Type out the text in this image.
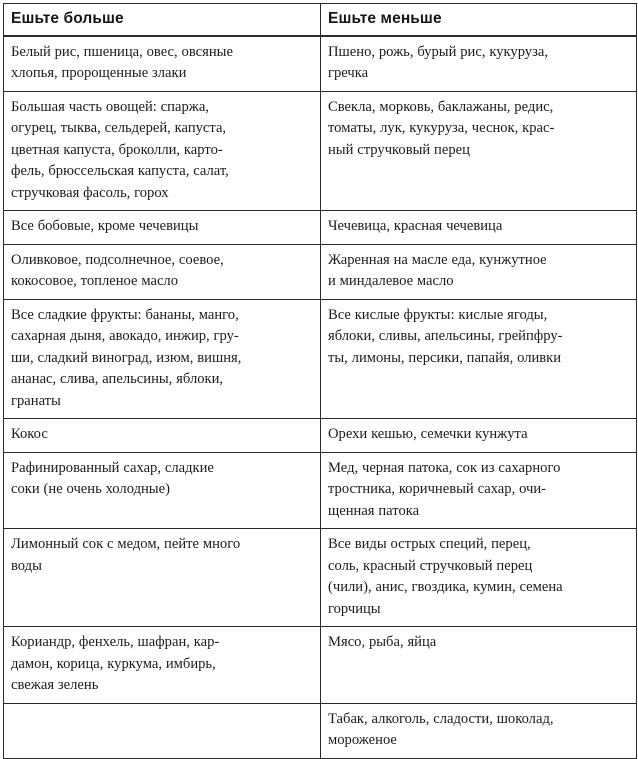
Ешьте больше	Ешьте меньше

Белый рис, пшеница, овес, овсяные
хлопья, пророщенные злаки	Пшено, рожь, бурый рис, кукуруза,
гречка

Большая часть овощей: спаржа,
огурец, тыква, сельдерей, капуста,
цветная капуста, броколли, карто-
фель, брюссельская капуста, салат,
стручковая фасоль, горох	Свекла, морковь, баклажаны, редис,
томаты, лук, кукуруза, чеснок, крас-
ный стручковый перец

Все бобовые, кроме чечевицы	Чечевица, красная чечевица

Оливковое, подсолнечное, соевое,
кокосовое, топленое масло	Жаренная на масле еда, кунжутное
и миндалевое масло

Все сладкие фрукты: бананы, манго,
сахарная дыня, авокадо, инжир, гру-
ши, сладкий виноград, изюм, вишня,
ананас, слива, апельсины, яблоки,
гранаты	Все кислые фрукты: кислые ягоды,
яблоки, сливы, апельсины, грейпфру-
ты, лимоны, персики, папайя, оливки

Кокос	Орехи кешью, семечки кунжута

Рафинированный сахар, сладкие
соки (не очень холодные)	Мед, черная патока, сок из сахарного
тростника, коричневый сахар, очи-
щенная патока

Лимонный сок с медом, пейте много
воды	Все виды острых специй, перец,
соль, красный стручковый перец
(чили), анис, гвоздика, кумин, семена
горчицы

Кориандр, фенхель, шафран, кар-
дамон, корица, куркума, имбирь,
свежая зелень	Мясо, рыба, яйца

	Табак, алкоголь, сладости, шоколад,
мороженое
